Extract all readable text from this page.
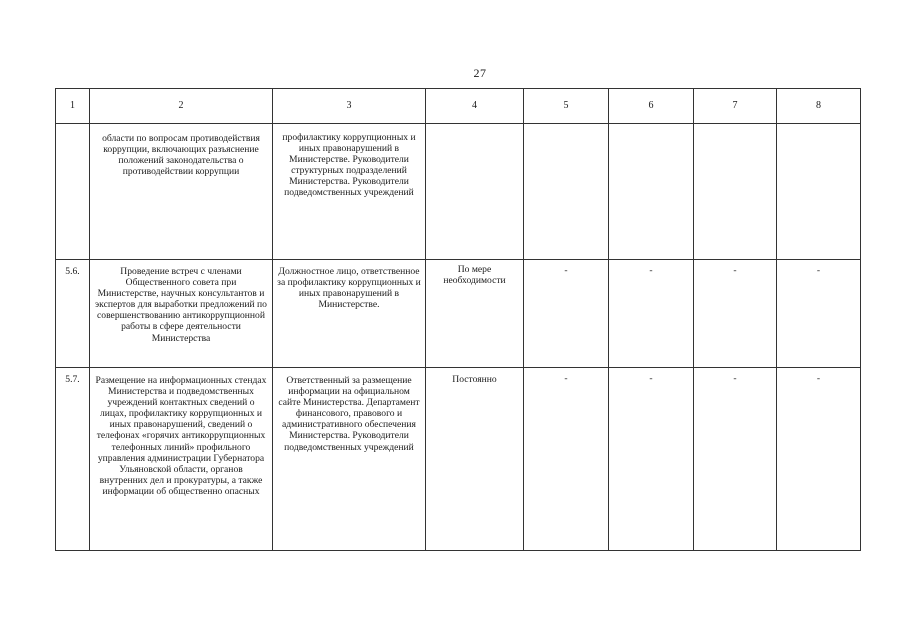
27
1	2	3	4	5	6	7	8

	области по вопросам противодействия коррупции, включающих разъяснение положений законодательства о противодействии коррупции	профилактику коррупционных и иных правонарушений в Министерстве. Руководители структурных подразделений Министерства. Руководители подведомственных учреждений					

5.6.	Проведение встреч с членами Общественного совета при Министерстве, научных консультантов и экспертов для выработки предложений по совершенствованию антикоррупционной работы в сфере деятельности Министерства	Должностное лицо, ответственное за профилактику коррупционных и иных правонарушений в Министерстве.	По мере необходимости	-	-	-	-

5.7.	Размещение на информационных стендах Министерства и подведомственных учреждений контактных сведений о лицах, профилактику коррупционных и иных правонарушений, сведений о телефонах «горячих антикоррупционных телефонных линий» профильного управления администрации Губернатора Ульяновской области, органов внутренних дел и прокуратуры, а также информации об общественно опасных	Ответственный за размещение информации на официальном сайте Министерства. Департамент финансового, правового и административного обеспечения Министерства. Руководители подведомственных учреждений	Постоянно	-	-	-	-
